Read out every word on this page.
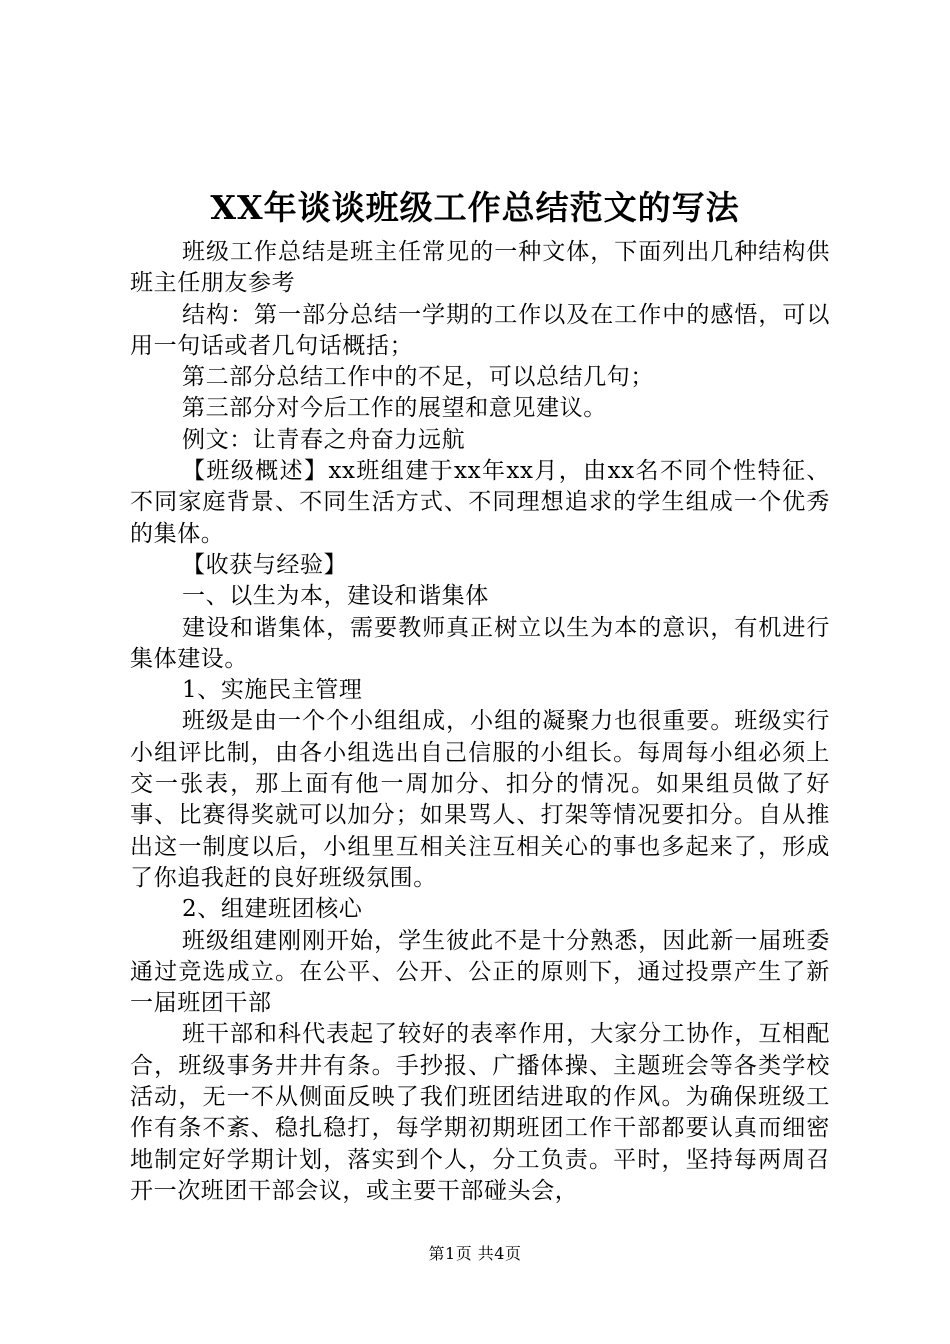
XX年谈谈班级工作总结范文的写法

班级工作总结是班主任常见的一种文体，下面列出几种结构供班主任朋友参考

结构：第一部分总结一学期的工作以及在工作中的感悟，可以用一句话或者几句话概括；

第二部分总结工作中的不足，可以总结几句；

第三部分对今后工作的展望和意见建议。

例文：让青春之舟奋力远航

【班级概述】xx班组建于xx年xx月，由xx名不同个性特征、不同家庭背景、不同生活方式、不同理想追求的学生组成一个优秀的集体。

【收获与经验】

一、以生为本，建设和谐集体

建设和谐集体，需要教师真正树立以生为本的意识，有机进行集体建设。

1、实施民主管理

班级是由一个个小组组成，小组的凝聚力也很重要。班级实行小组评比制，由各小组选出自己信服的小组长。每周每小组必须上交一张表，那上面有他一周加分、扣分的情况。如果组员做了好事、比赛得奖就可以加分；如果骂人、打架等情况要扣分。自从推出这一制度以后，小组里互相关注互相关心的事也多起来了，形成了你追我赶的良好班级氛围。

2、组建班团核心

班级组建刚刚开始，学生彼此不是十分熟悉，因此新一届班委通过竞选成立。在公平、公开、公正的原则下，通过投票产生了新一届班团干部

班干部和科代表起了较好的表率作用，大家分工协作，互相配合，班级事务井井有条。手抄报、广播体操、主题班会等各类学校活动，无一不从侧面反映了我们班团结进取的作风。为确保班级工作有条不紊、稳扎稳打，每学期初期班团工作干部都要认真而细密地制定好学期计划，落实到个人，分工负责。平时，坚持每两周召开一次班团干部会议，或主要干部碰头会，

第1页 共4页
